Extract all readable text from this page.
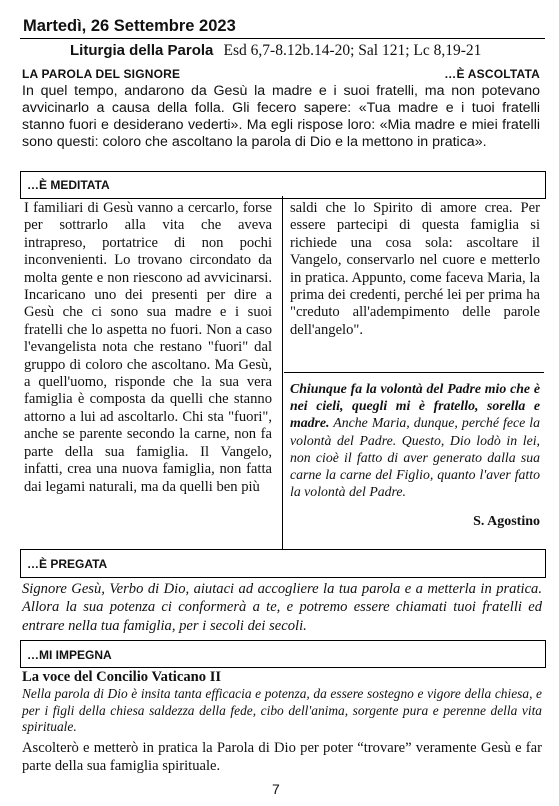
Martedì, 26 Settembre 2023
Liturgia della Parola Esd 6,7-8.12b.14-20; Sal 121; Lc 8,19-21
LA PAROLA DEL SIGNORE	…È ASCOLTATA
In quel tempo, andarono da Gesù la madre e i suoi fratelli, ma non potevano avvicinarlo a causa della folla. Gli fecero sapere: «Tua madre e i tuoi fratelli stanno fuori e desiderano vederti». Ma egli rispose loro: «Mia madre e miei fratelli sono questi: coloro che ascoltano la parola di Dio e la mettono in pratica».
…È MEDITATA
I familiari di Gesù vanno a cercarlo, forse per sottrarlo alla vita che aveva intrapreso, portatrice di non pochi inconvenienti. Lo trovano circondato da molta gente e non riescono ad avvicinarsi. Incaricano uno dei presenti per dire a Gesù che ci sono sua madre e i suoi fratelli che lo aspetta no fuori. Non a caso l'evangelista nota che restano "fuori" dal gruppo di coloro che ascoltano. Ma Gesù, a quell'uomo, risponde che la sua vera famiglia è composta da quelli che stanno attorno a lui ad ascoltarlo. Chi sta "fuori", anche se parente secondo la carne, non fa parte della sua famiglia. Il Vangelo, infatti, crea una nuova famiglia, non fatta dai legami naturali, ma da quelli ben più
saldi che lo Spirito di amore crea. Per essere partecipi di questa famiglia si richiede una cosa sola: ascoltare il Vangelo, conservarlo nel cuore e metterlo in pratica. Appunto, come faceva Maria, la prima dei credenti, perché lei per prima ha "creduto all'adempimento delle parole dell'angelo".
Chiunque fa la volontà del Padre mio che è nei cieli, quegli mi è fratello, sorella e madre. Anche Maria, dunque, perché fece la volontà del Padre. Questo, Dio lodò in lei, non cioè il fatto di aver generato dalla sua carne la carne del Figlio, quanto l'aver fatto la volontà del Padre.
S. Agostino
…È PREGATA
Signore Gesù, Verbo di Dio, aiutaci ad accogliere la tua parola e a metterla in pratica. Allora la sua potenza ci conformerà a te, e potremo essere chiamati tuoi fratelli ed entrare nella tua famiglia, per i secoli dei secoli.
…MI IMPEGNA
La voce del Concilio Vaticano II
Nella parola di Dio è insita tanta efficacia e potenza, da essere sostegno e vigore della chiesa, e per i figli della chiesa saldezza della fede, cibo dell'anima, sorgente pura e perenne della vita spirituale.
Ascolterò e metterò in pratica la Parola di Dio per poter “trovare” veramente Gesù e far parte della sua famiglia spirituale.
7
